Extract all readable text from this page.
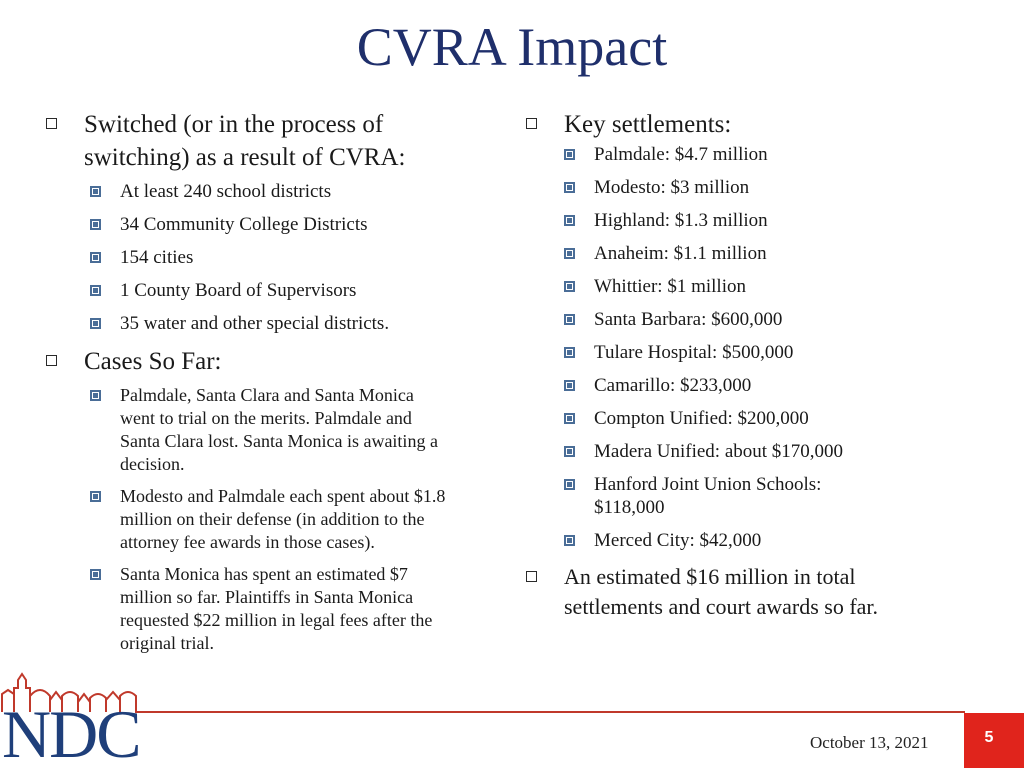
CVRA Impact
Switched (or in the process of switching) as a result of CVRA:
At least 240 school districts
34 Community College Districts
154 cities
1 County Board of Supervisors
35 water and other special districts.
Cases So Far:
Palmdale, Santa Clara and Santa Monica went to trial on the merits. Palmdale and Santa Clara lost. Santa Monica is awaiting a decision.
Modesto and Palmdale each spent about $1.8 million on their defense (in addition to the attorney fee awards in those cases).
Santa Monica has spent an estimated $7 million so far. Plaintiffs in Santa Monica requested $22 million in legal fees after the original trial.
Key settlements:
Palmdale: $4.7 million
Modesto: $3 million
Highland: $1.3 million
Anaheim: $1.1 million
Whittier: $1 million
Santa Barbara: $600,000
Tulare Hospital: $500,000
Camarillo: $233,000
Compton Unified: $200,000
Madera Unified: about $170,000
Hanford Joint Union Schools: $118,000
Merced City: $42,000
An estimated $16 million in total settlements and court awards so far.
NDC	October 13, 2021	5
